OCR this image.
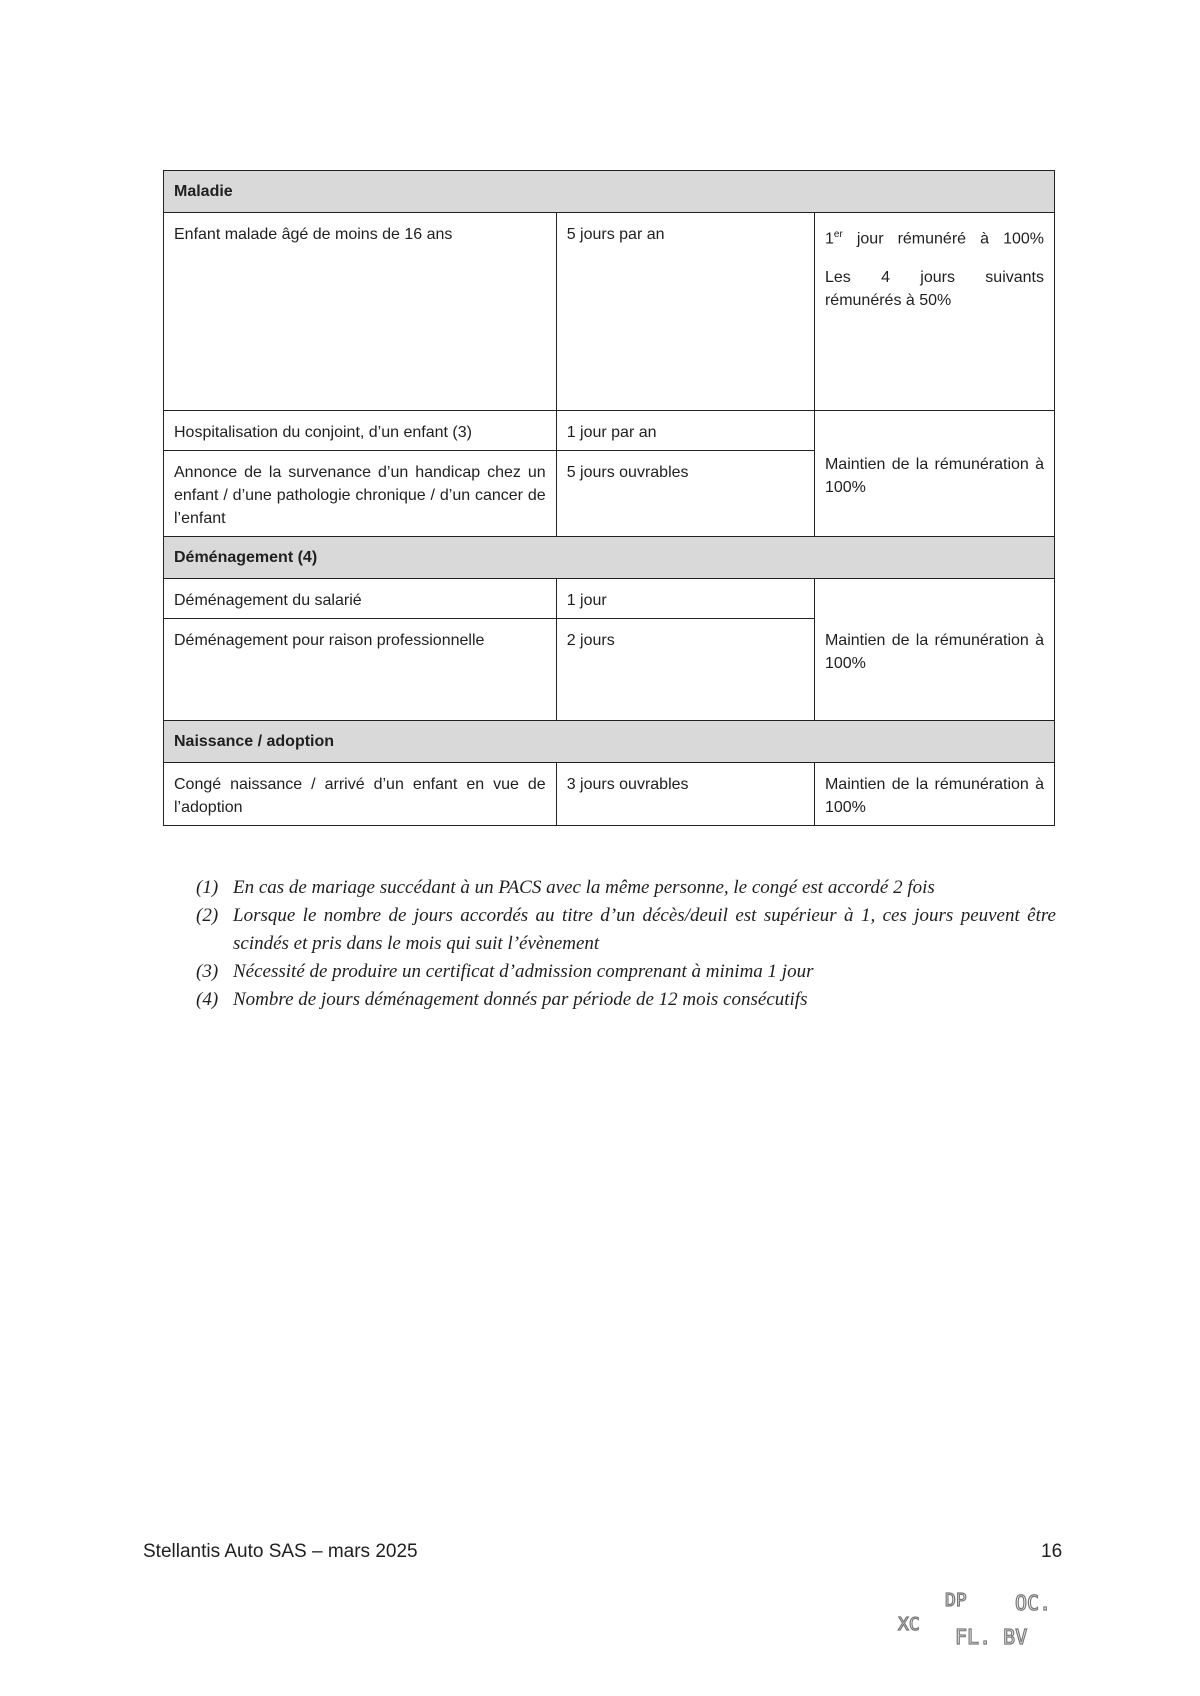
Maladie		
Enfant malade âgé de moins de 16 ans	5 jours par an	1er jour rémunéré à 100%
Les 4 jours suivants rémunérés à 50%

Hospitalisation du conjoint, d’un enfant (3)	1 jour par an	Maintien de la rémunération à 100%

Annonce de la survenance d’un handicap chez un enfant / d’une pathologie chronique / d’un cancer de l’enfant	5 jours ouvrables	
Déménagement (4)		
Déménagement du salarié	1 jour	Maintien de la rémunération à 100%

Déménagement pour raison professionnelle	2 jours	
Naissance / adoption		
Congé naissance / arrivé d’un enfant en vue de l’adoption	3 jours ouvrables	Maintien de la rémunération à 100%
(1) En cas de mariage succédant à un PACS avec la même personne, le congé est accordé 2 fois
(2) Lorsque le nombre de jours accordés au titre d’un décès/deuil est supérieur à 1, ces jours peuvent être scindés et pris dans le mois qui suit l’évènement
(3) Nécessité de produire un certificat d’admission comprenant à minima 1 jour
(4) Nombre de jours déménagement donnés par période de 12 mois consécutifs
Stellantis Auto SAS – mars 2025	16
XC
DP OC.
FL. BV
